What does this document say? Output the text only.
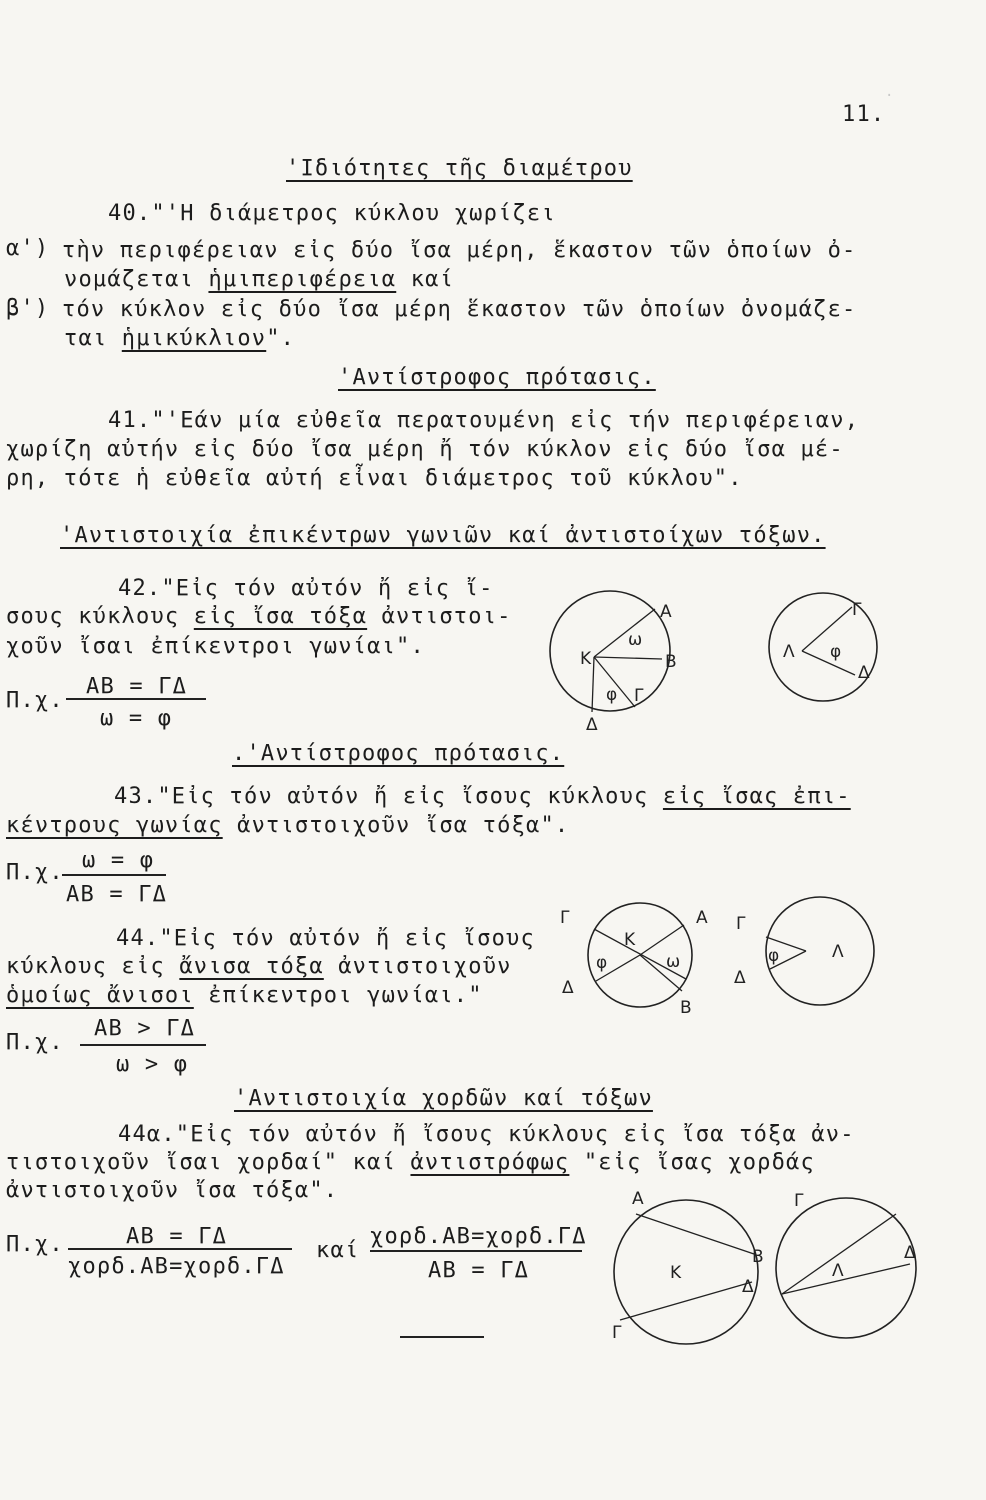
11.
·
'Ιδιότητες τῆς διαμέτρου
40."'Η διάμετρος κύκλου χωρίζει
α') τὴν περιφέρειαν εἰς δύο ἴσα μέρη, ἕκαστον τῶν ὁποίων ὀ-
νομάζεται ἡμιπεριφέρεια καί
β') τόν κύκλον εἰς δύο ἴσα μέρη ἕκαστον τῶν ὁποίων ὀνομάζε-
ται ἡμικύκλιον".
'Αντίστροφος πρότασις.
41."'Εάν μία εὐθεῖα περατουμένη εἰς τήν περιφέρειαν,
χωρίζη αὐτήν εἰς δύο ἴσα μέρη ἤ τόν κύκλον εἰς δύο ἴσα μέ-
ρη, τότε ἡ εὐθεῖα αὐτή εἶναι διάμετρος τοῦ κύκλου".
'Αντιστοιχία ἐπικέντρων γωνιῶν καί ἀντιστοίχων τόξων.
42."Εἰς τόν αὐτόν ἤ εἰς ἴ-
σους κύκλους εἰς ἴσα τόξα ἀντιστοι-
χοῦν ἴσαι ἐπίκεντροι γωνίαι".
Π.χ.
ΑΒ = ΓΔ
ω = φ
Κ
Α
Β
Γ
Δ
ω
φ
Γ
Λ φ
Δ
.'Αντίστροφος πρότασις.
43."Εἰς τόν αὐτόν ἤ εἰς ἴσους κύκλους εἰς ἴσας ἐπι-
κέντρους γωνίας ἀντιστοιχοῦν ἴσα τόξα".
Π.χ. ω = φ
ΑΒ = ΓΔ
44."Εἰς τόν αὐτόν ἤ εἰς ἴσους
κύκλους εἰς ἄνισα τόξα ἀντιστοιχοῦν
ὁμοίως ἄνισοι ἐπίκεντροι γωνίαι."
Π.χ.
ΑΒ > ΓΔ
ω > φ
Γ
Κ
Α
φ	ω
Δ
Β
Γ
Λ
φ
Δ
'Αντιστοιχία χορδῶν καί τόξων
44α."Εἰς τόν αὐτόν ἤ ἴσους κύκλους εἰς ἴσα τόξα ἀν-
τιστοιχοῦν ἴσαι χορδαί" καί ἀντιστρόφως "εἰς ἴσας χορδάς
ἀντιστοιχοῦν ἴσα τόξα".
Π.χ.	ΑΒ = ΓΔ
χορδ.ΑΒ=χορδ.ΓΔ
καί
χορδ.ΑΒ=χορδ.ΓΔ
ΑΒ = ΓΔ
Α
Β
Κ
Δ
Γ
Γ
Δ
Λ
